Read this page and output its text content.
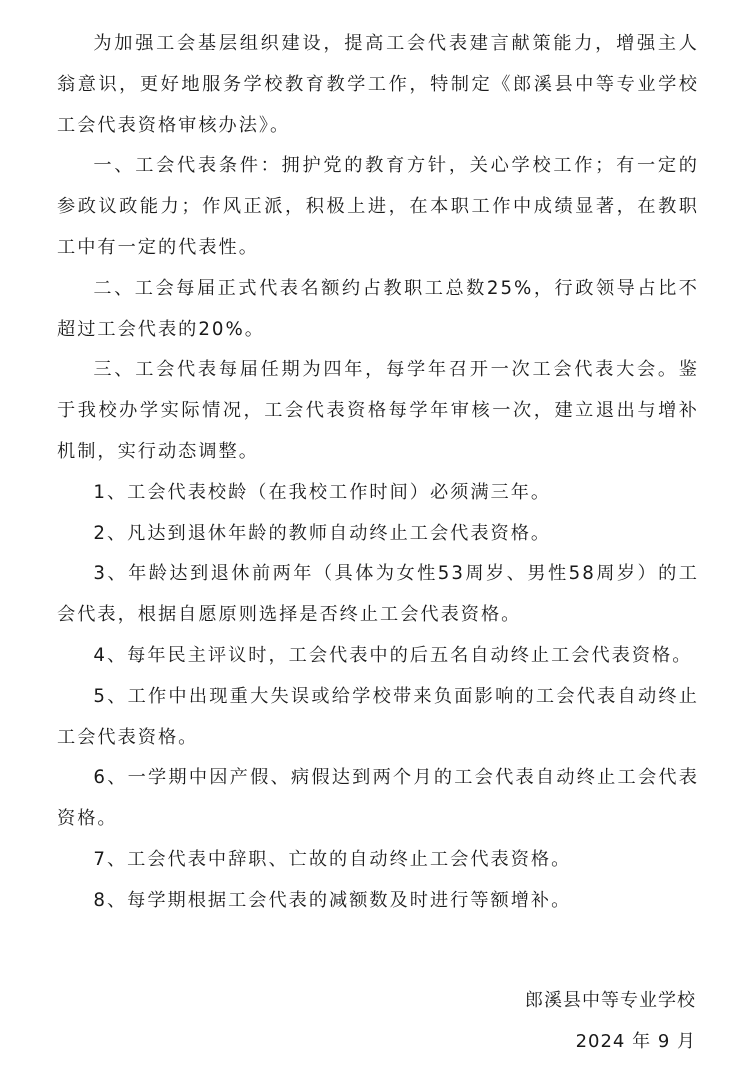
为加强工会基层组织建设，提高工会代表建言献策能力，增强主人翁意识，更好地服务学校教育教学工作，特制定《郎溪县中等专业学校工会代表资格审核办法》。

一、工会代表条件：拥护党的教育方针，关心学校工作；有一定的参政议政能力；作风正派，积极上进，在本职工作中成绩显著，在教职工中有一定的代表性。

二、工会每届正式代表名额约占教职工总数25%，行政领导占比不超过工会代表的20%。

三、工会代表每届任期为四年，每学年召开一次工会代表大会。鉴于我校办学实际情况，工会代表资格每学年审核一次，建立退出与增补机制，实行动态调整。

1、工会代表校龄（在我校工作时间）必须满三年。

2、凡达到退休年龄的教师自动终止工会代表资格。

3、年龄达到退休前两年（具体为女性53周岁、男性58周岁）的工会代表，根据自愿原则选择是否终止工会代表资格。

4、每年民主评议时，工会代表中的后五名自动终止工会代表资格。

5、工作中出现重大失误或给学校带来负面影响的工会代表自动终止工会代表资格。

6、一学期中因产假、病假达到两个月的工会代表自动终止工会代表资格。

7、工会代表中辞职、亡故的自动终止工会代表资格。

8、每学期根据工会代表的减额数及时进行等额增补。

郎溪县中等专业学校
2024 年 9 月
